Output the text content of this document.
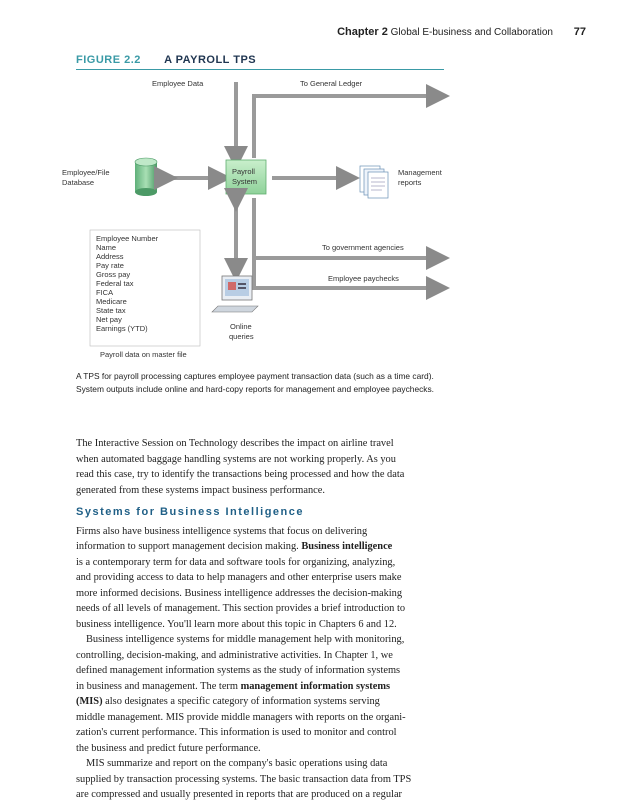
Chapter 2 Global E-business and Collaboration 77
FIGURE 2.2 A PAYROLL TPS
Employee Data	To General Ledger
Employee/File
Database
Payroll
System
Management
reports
To government agencies
Employee paychecks
Online
queries
Employee Number
Name
Address
Pay rate
Gross pay
Federal tax
FICA
Medicare
State tax
Net pay
Earnings (YTD)
Payroll data on master file

A TPS for payroll processing captures employee payment transaction data (such as a time card).

System outputs include online and hard-copy reports for management and employee paychecks.

The Interactive Session on Technology describes the impact on airline travel

when automated baggage handling systems are not working properly. As you

read this case, try to identify the transactions being processed and how the data

generated from these systems impact business performance.

Systems for Business Intelligence

Firms also have business intelligence systems that focus on delivering

information to support management decision making. Business intelligence

is a contemporary term for data and software tools for organizing, analyzing,

and providing access to data to help managers and other enterprise users make

more informed decisions. Business intelligence addresses the decision-making

needs of all levels of management. This section provides a brief introduction to

business intelligence. You'll learn more about this topic in Chapters 6 and 12.

Business intelligence systems for middle management help with monitoring,

controlling, decision-making, and administrative activities. In Chapter 1, we

defined management information systems as the study of information systems

in business and management. The term management information systems

(MIS) also designates a specific category of information systems serving

middle management. MIS provide middle managers with reports on the organi-

zation's current performance. This information is used to monitor and control

the business and predict future performance.

MIS summarize and report on the company's basic operations using data

supplied by transaction processing systems. The basic transaction data from TPS

are compressed and usually presented in reports that are produced on a regular
